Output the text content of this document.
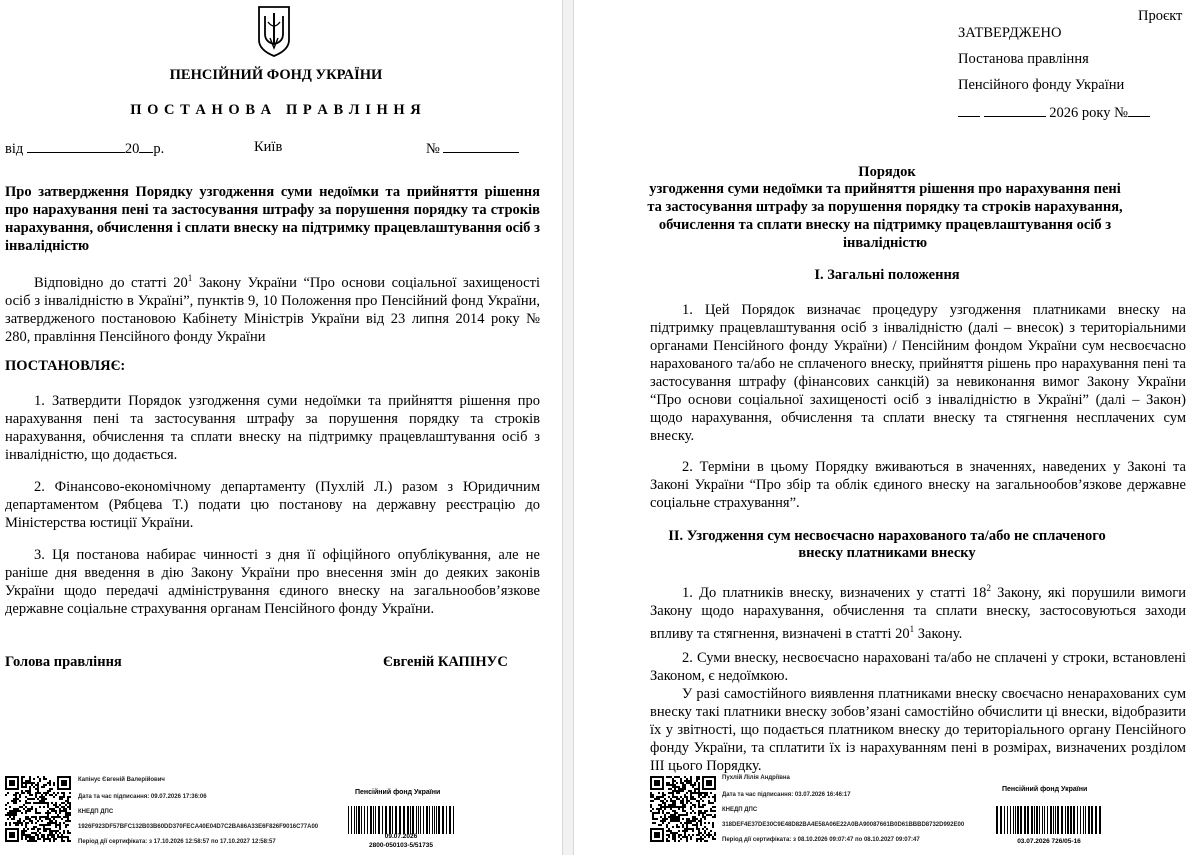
ПЕНСІЙНИЙ ФОНД УКРАЇНИ
П О С Т А Н О В А   П Р А В Л І Н Н Я
від	20 р.	Київ	№
Про затвердження Порядку узгодження суми недоїмки та прийняття рішення про нарахування пені та застосування штрафу за порушення порядку та строків нарахування, обчислення і сплати внеску на підтримку працевлаштування осіб з інвалідністю
Відповідно до статті $20^1$ Закону України “Про основи соціальної захищеності осіб з інвалідністю в Україні”, пунктів 9, 10 Положення про Пенсійний фонд України, затвердженого постановою Кабінету Міністрів України від 23 липня 2014 року № 280, правління Пенсійного фонду України
ПОСТАНОВЛЯЄ:
1. Затвердити Порядок узгодження суми недоїмки та прийняття рішення про нарахування пені та застосування штрафу за порушення порядку та строків нарахування, обчислення та сплати внеску на підтримку працевлаштування осіб з інвалідністю, що додається.
2. Фінансово-економічному департаменту (Пухлій Л.) разом з Юридичним департаментом (Рябцева Т.) подати цю постанову на державну реєстрацію до Міністерства юстиції України.
3. Ця постанова набирає чинності з дня її офіційного опублікування, але не раніше дня введення в дію Закону України про внесення змін до деяких законів України щодо передачі адміністрування єдиного внеску на загальнообов’язкове державне соціальне страхування органам Пенсійного фонду України.
Голова правління	Євгеній КАПІНУС
Капінус Євгеній Валерійович
Дата та час підписання: 09.07.2026 17:36:06
КНЕДП ДПС
1926F923DF57BFC132B03B60DD370FECA40E04D7C2BA86A33E6F826F9016C77A00
Період дії сертифіката: з 17.10.2026 12:58:57 по 17.10.2027 12:58:57
Пенсійний фонд України
09.07.2026
2800-050103-5/51735
Проєкт
ЗАТВЕРДЖЕНО
Постанова правління
Пенсійного фонду України
2026 року №
Порядок
узгодження суми недоїмки та прийняття рішення про нарахування пені та застосування штрафу за порушення порядку та строків нарахування, обчислення та сплати внеску на підтримку працевлаштування осіб з інвалідністю
I. Загальні положення
1. Цей Порядок визначає процедуру узгодження платниками внеску на підтримку працевлаштування осіб з інвалідністю (далі – внесок) з територіальними органами Пенсійного фонду України) / Пенсійним фондом України сум несвоєчасно нарахованого та/або не сплаченого внеску, прийняття рішень про нарахування пені та застосування штрафу (фінансових санкцій) за невиконання вимог Закону України “Про основи соціальної захищеності осіб з інвалідністю в Україні” (далі – Закон) щодо нарахування, обчислення та сплати внеску та стягнення несплачених сум внеску.
2. Терміни в цьому Порядку вживаються в значеннях, наведених у Законі та Законі України “Про збір та облік єдиного внеску на загальнообов’язкове державне соціальне страхування”.
II. Узгодження сум несвоєчасно нарахованого та/або не сплаченого
внеску платниками внеску
1. До платників внеску, визначених у статті $18^2$ Закону, які порушили вимоги Закону щодо нарахування, обчислення та сплати внеску, застосовуються заходи впливу та стягнення, визначені в статті $20^1$ Закону.
2. Суми внеску, несвоєчасно нараховані та/або не сплачені у строки, встановлені Законом, є недоїмкою.
У разі самостійного виявлення платниками внеску своєчасно ненарахованих сум внеску такі платники внеску зобов’язані самостійно обчислити ці внески, відобразити їх у звітності, що подається платником внеску до територіального органу Пенсійного фонду України, та сплатити їх із нарахуванням пені в розмірах, визначених розділом ІІІ цього Порядку.
Пухлій Лілія Андріївна
Дата та час підписання: 03.07.2026 16:46:17
КНЕДП ДПС
318DEF4E37DE30C9E48D82BA4E58A06E22A0BA90087661B0D61BBBD8732D992E00
Період дії сертифіката: з 08.10.2026 09:07:47 по 08.10.2027 09:07:47
Пенсійний фонд України
03.07.2026 726/05-16
